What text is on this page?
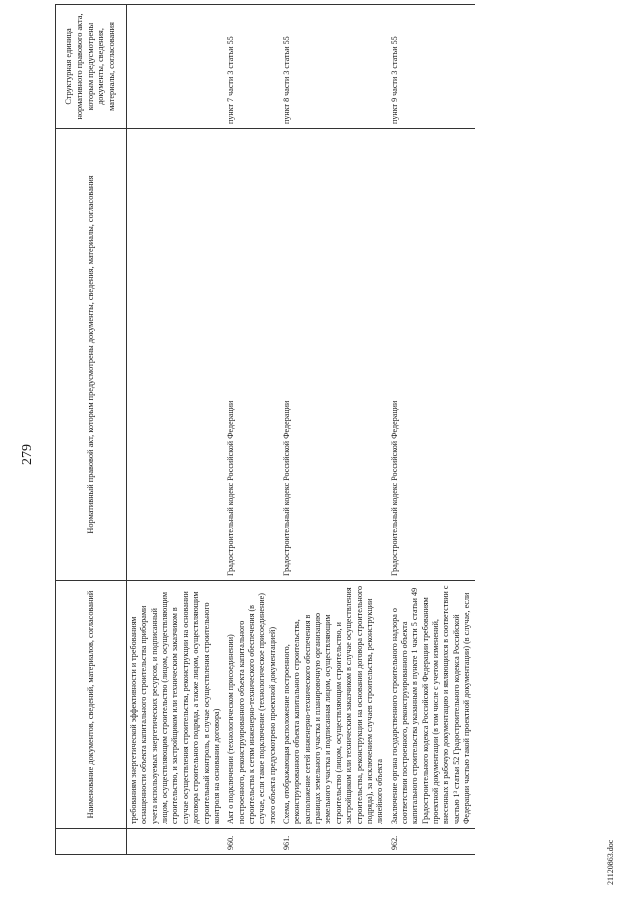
279
	Наименование документов, сведений, материалов, согласований	Нормативный правовой акт, которым предусмотрены документы, сведения, материалы, согласования	Структурная единица нормативного правового акта, которым предусмотрены документы, сведения, материалы, согласования
	требованиям энергетической эффективности и требованиям оснащенности объекта капитального строительства приборами учета используемых энергетических ресурсов, и подписанный лицом, осуществляющим строительство (лицом, осуществляющим строительство, и застройщиком или техническим заказчиком в случае осуществления строительства, реконструкции на основании договора строительного подряда, а также лицом, осуществляющим строительный контроль, в случае осуществления строительного контроля на основании договора)		
960.	Акт о подключении (технологическом присоединении) построенного, реконструированного объекта капитального строительства к сетям инженерно-технического обеспечения (в случае, если такое подключение (технологическое присоединение) этого объекта предусмотрено проектной документацией)	Градостроительный кодекс Российской Федерации	пункт 7 части 3 статьи 55
961.	Схема, отображающая расположение построенного, реконструированного объекта капитального строительства, расположение сетей инженерно-технического обеспечения в границах земельного участка и планировочную организацию земельного участка и подписанная лицом, осуществляющим строительство (лицом, осуществляющим строительство, и застройщиком или техническим заказчиком в случае осуществления строительства, реконструкции на основании договора строительного подряда), за исключением случаев строительства, реконструкции линейного объекта	Градостроительный кодекс Российской Федерации	пункт 8 части 3 статьи 55
962.	Заключение органа государственного строительного надзора о соответствии построенного, реконструированного объекта капитального строительства указанным в пункте 1 части 5 статьи 49 Градостроительного кодекса Российской Федерации требованиям проектной документации (в том числе с учетом изменений, внесенных в рабочую документацию и являющихся в соответствии с частью 1³ статьи 52 Градостроительного кодекса Российской Федерации частью такой проектной документации) (в случае, если	Градостроительный кодекс Российской Федерации	пункт 9 части 3 статьи 55
21120863.doc
